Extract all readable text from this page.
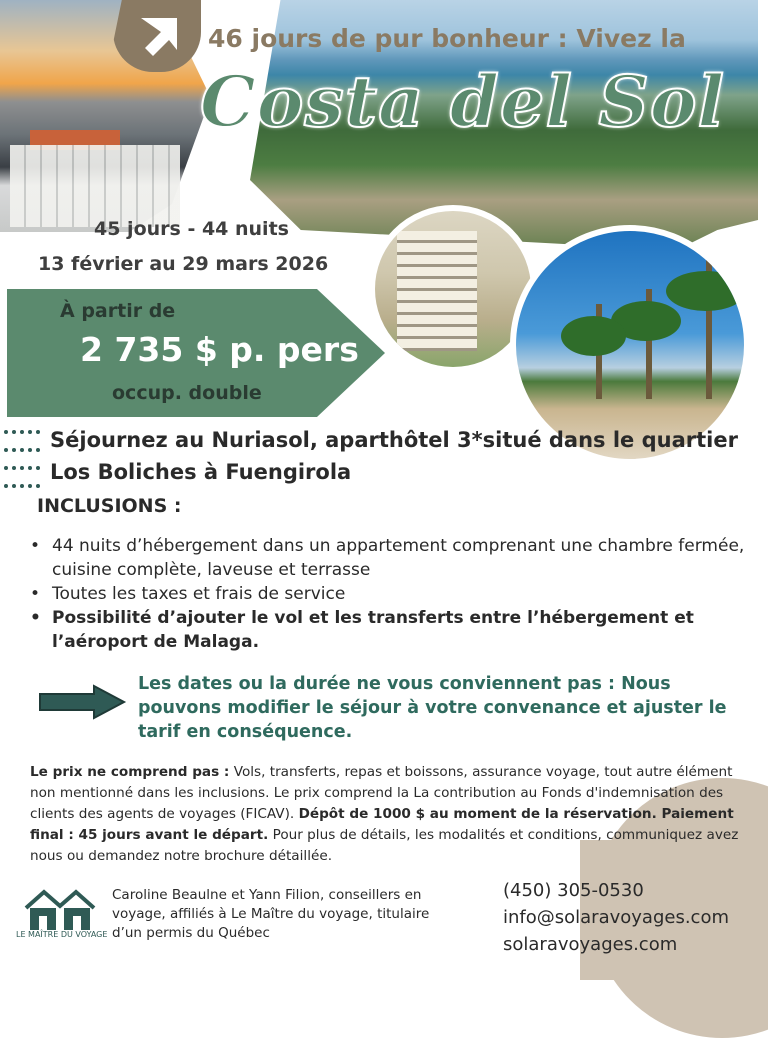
46 jours de pur bonheur : Vivez la
Costa del Sol
45 jours - 44 nuits
13 février au 29 mars 2026
À partir de
2 735 $ p. pers
occup. double
Séjournez au Nuriasol, aparthôtel 3*situé dans le quartier
Los Boliches à Fuengirola
INCLUSIONS :
• 44 nuits d’hébergement dans un appartement comprenant une chambre fermée, cuisine complète, laveuse et terrasse
• Toutes les taxes et frais de service
• Possibilité d’ajouter le vol et les transferts entre l’hébergement et l’aéroport de Malaga.
Les dates ou la durée ne vous conviennent pas : Nous pouvons modifier le séjour à votre convenance et ajuster le tarif en conséquence.
Le prix ne comprend pas : Vols, transferts, repas et boissons, assurance voyage, tout autre élément non mentionné dans les inclusions. Le prix comprend la La contribution au Fonds d'indemnisation des clients des agents de voyages (FICAV). Dépôt de 1000 $ au moment de la réservation. Paiement final : 45 jours avant le départ. Pour plus de détails, les modalités et conditions, communiquez avez nous ou demandez notre brochure détaillée.
LE MAÎTRE DU VOYAGE
Caroline Beaulne et Yann Filion, conseillers en voyage, affiliés à Le Maître du voyage, titulaire d’un permis du Québec
(450) 305-0530
info@solaravoyages.com
solaravoyages.com
